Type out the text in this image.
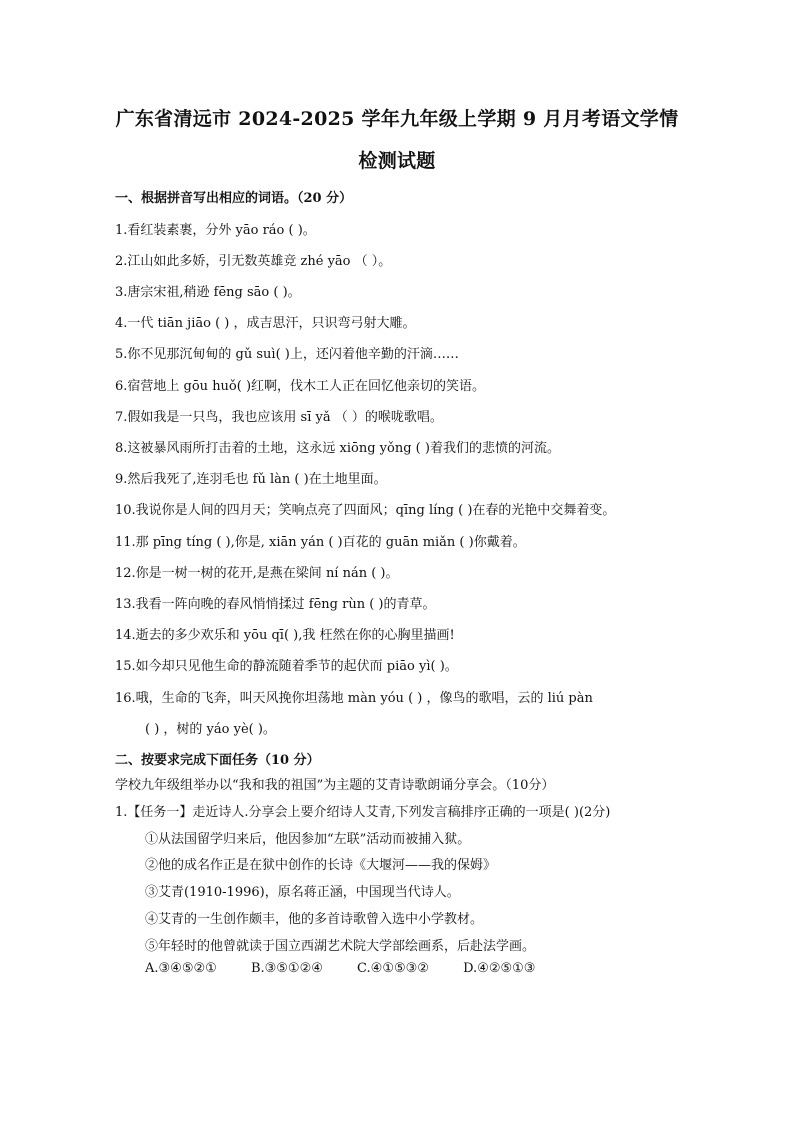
广东省清远市 2024-2025 学年九年级上学期 9 月月考语文学情
检测试题
一、根据拼音写出相应的词语。（20 分）
1.看红装素裹，分外 yāo ráo ( )。
2.江山如此多娇，引无数英雄竞 zhé yāo （ ）。
3.唐宗宋祖,稍逊 fēng sāo ( )。
4.一代 tiān jiāo ( ) ，成吉思汗，只识弯弓射大雕。
5.你不见那沉甸甸的 gǔ suì( )上，还闪着他辛勤的汗滴……
6.宿营地上 gōu huǒ( )红啊，伐木工人正在回忆他亲切的笑语。
7.假如我是一只鸟，我也应该用 sī yǎ （ ）的喉咙歌唱。
8.这被暴风雨所打击着的土地，这永远 xiōng yǒng ( )着我们的悲愤的河流。
9.然后我死了,连羽毛也 fǔ làn ( )在土地里面。
10.我说你是人间的四月天；笑响点亮了四面风；qīng líng ( )在春的光艳中交舞着变。
11.那 pīng tíng ( ),你是, xiān yán ( )百花的 guān miǎn ( )你戴着。
12.你是一树一树的花开,是燕在梁间 ní nán ( )。
13.我看一阵向晚的春风悄悄揉过 fēng rùn ( )的青草。
14.逝去的多少欢乐和 yōu qī( ),我 枉然在你的心胸里描画!
15.如今却只见他生命的静流随着季节的起伏而 piāo yì( )。
16.哦，生命的飞奔，叫天风挽你坦荡地 màn yóu ( ) ，像鸟的歌唱，云的 liú pàn
( ) ，树的 yáo yè( )。
二、按要求完成下面任务（10 分）
学校九年级组举办以“我和我的祖国”为主题的艾青诗歌朗诵分享会。（10分）
1.【任务一】走近诗人.分享会上要介绍诗人艾青,下列发言稿排序正确的一项是( )(2分)
①从法国留学归来后，他因参加“左联”活动而被捕入狱。
②他的成名作正是在狱中创作的长诗《大堰河——我的保姆》
③艾青(1910-1996)，原名蒋正涵，中国现当代诗人。
④艾青的一生创作颇丰，他的多首诗歌曾入选中小学教材。
⑤年轻时的他曾就读于国立西湖艺术院大学部绘画系，后赴法学画。
A.③④⑤②①	B.③⑤①②④	C.④①⑤③②	D.④②⑤①③
